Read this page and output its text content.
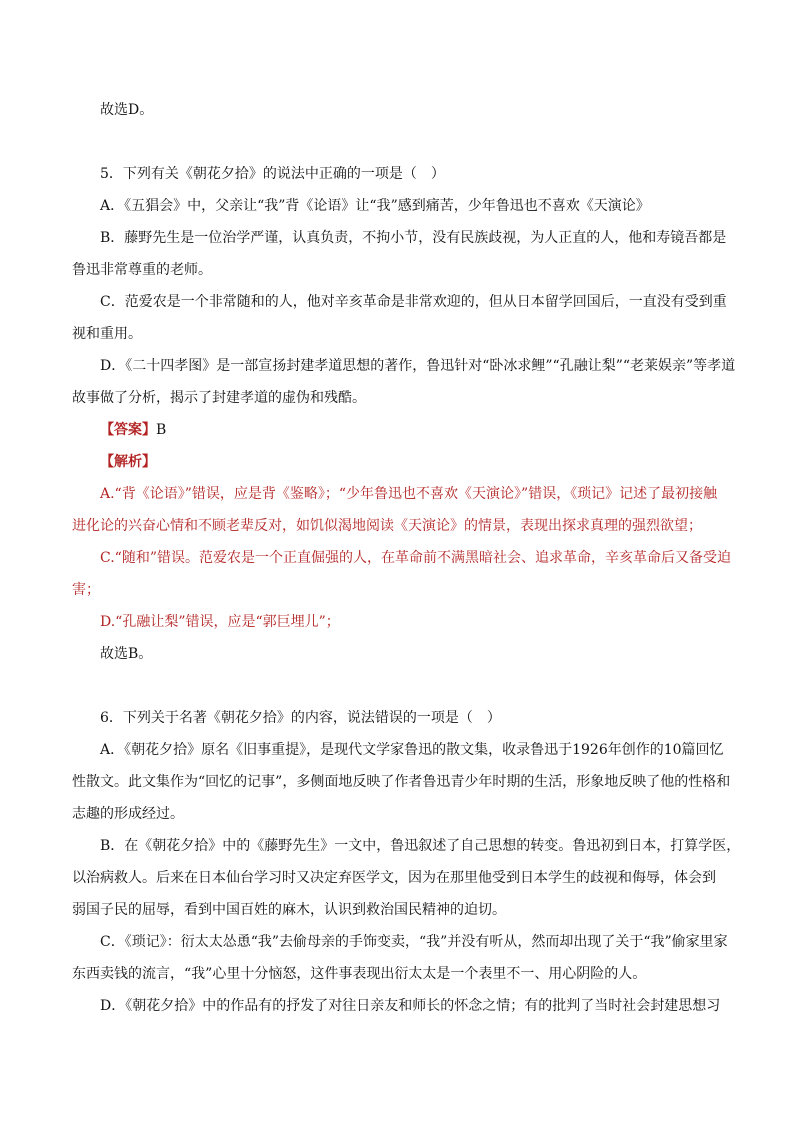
故选D。
5．下列有关《朝花夕拾》的说法中正确的一项是（　）
A．《五猖会》中，父亲让“我”背《论语》让“我”感到痛苦，少年鲁迅也不喜欢《天演论》
B．藤野先生是一位治学严谨，认真负责，不拘小节，没有民族歧视，为人正直的人，他和寿镜吾都是
鲁迅非常尊重的老师。
C．范爱农是一个非常随和的人，他对辛亥革命是非常欢迎的，但从日本留学回国后，一直没有受到重
视和重用。
D．《二十四孝图》是一部宣扬封建孝道思想的著作，鲁迅针对“卧冰求鲤”“孔融让梨”“老莱娱亲”等孝道
故事做了分析，揭示了封建孝道的虚伪和残酷。
【答案】B
【解析】
A.“背《论语》”错误，应是背《鉴略》；“少年鲁迅也不喜欢《天演论》”错误，《琐记》记述了最初接触
进化论的兴奋心情和不顾老辈反对，如饥似渴地阅读《天演论》的情景，表现出探求真理的强烈欲望；
C.“随和”错误。范爱农是一个正直倔强的人，在革命前不满黑暗社会、追求革命，辛亥革命后又备受迫
害；
D.“孔融让梨”错误，应是“郭巨埋儿”；
故选B。
6．下列关于名著《朝花夕拾》的内容，说法错误的一项是（　）
A．《朝花夕拾》原名《旧事重提》，是现代文学家鲁迅的散文集，收录鲁迅于1926年创作的10篇回忆
性散文。此文集作为“回忆的记事”，多侧面地反映了作者鲁迅青少年时期的生活，形象地反映了他的性格和
志趣的形成经过。
B．在《朝花夕拾》中的《藤野先生》一文中，鲁迅叙述了自己思想的转变。鲁迅初到日本，打算学医，
以治病救人。后来在日本仙台学习时又决定弃医学文，因为在那里他受到日本学生的歧视和侮辱，体会到
弱国子民的屈辱，看到中国百姓的麻木，认识到救治国民精神的迫切。
C．《琐记》：衍太太怂恿“我”去偷母亲的手饰变卖，“我”并没有听从，然而却出现了关于“我”偷家里家
东西卖钱的流言，“我”心里十分恼怒，这件事表现出衍太太是一个表里不一、用心阴险的人。
D．《朝花夕拾》中的作品有的抒发了对往日亲友和师长的怀念之情；有的批判了当时社会封建思想习
